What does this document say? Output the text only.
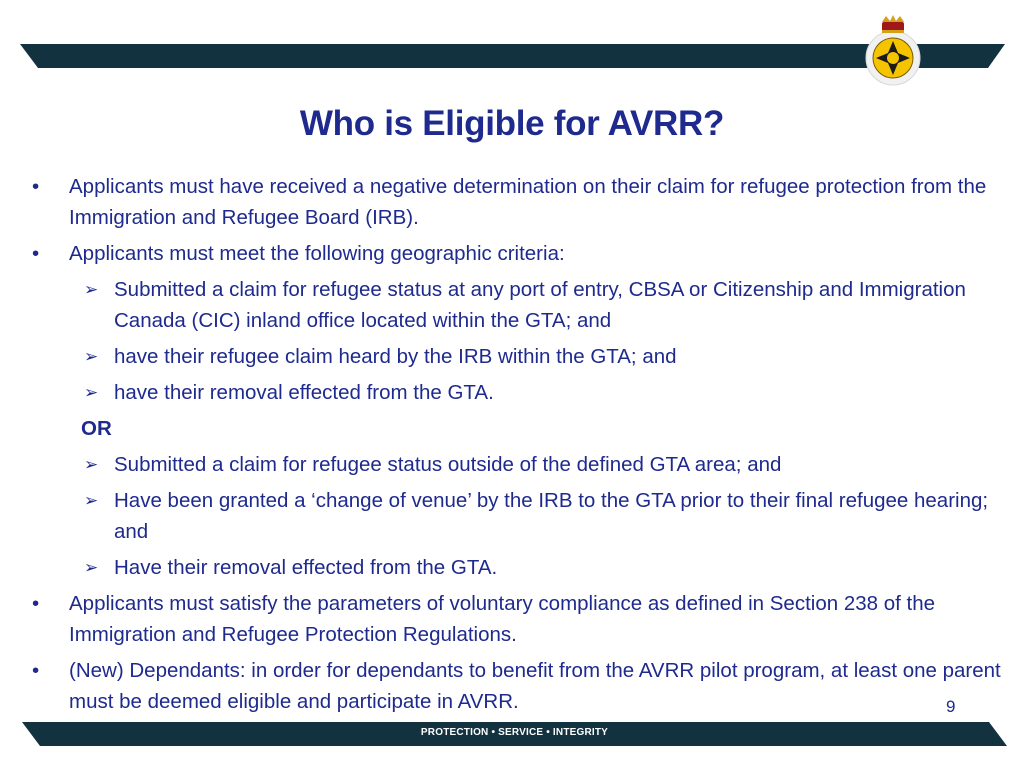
Who is Eligible for AVRR?
• Applicants must have received a negative determination on their claim for refugee protection from the Immigration and Refugee Board (IRB).
• Applicants must meet the following geographic criteria:
➢ Submitted a claim for refugee status at any port of entry, CBSA or Citizenship and Immigration Canada (CIC) inland office located within the GTA; and
➢ have their refugee claim heard by the IRB within the GTA; and
➢ have their removal effected from the GTA.
OR
➢ Submitted a claim for refugee status outside of the defined GTA area; and
➢ Have been granted a ‘change of venue’ by the IRB to the GTA prior to their final refugee hearing; and
➢ Have their removal effected from the GTA.
• Applicants must satisfy the parameters of voluntary compliance as defined in Section 238 of the Immigration and Refugee Protection Regulations.
• (New) Dependants: in order for dependants to benefit from the AVRR pilot program, at least one parent must be deemed eligible and participate in AVRR.	9
PROTECTION • SERVICE • INTEGRITY
